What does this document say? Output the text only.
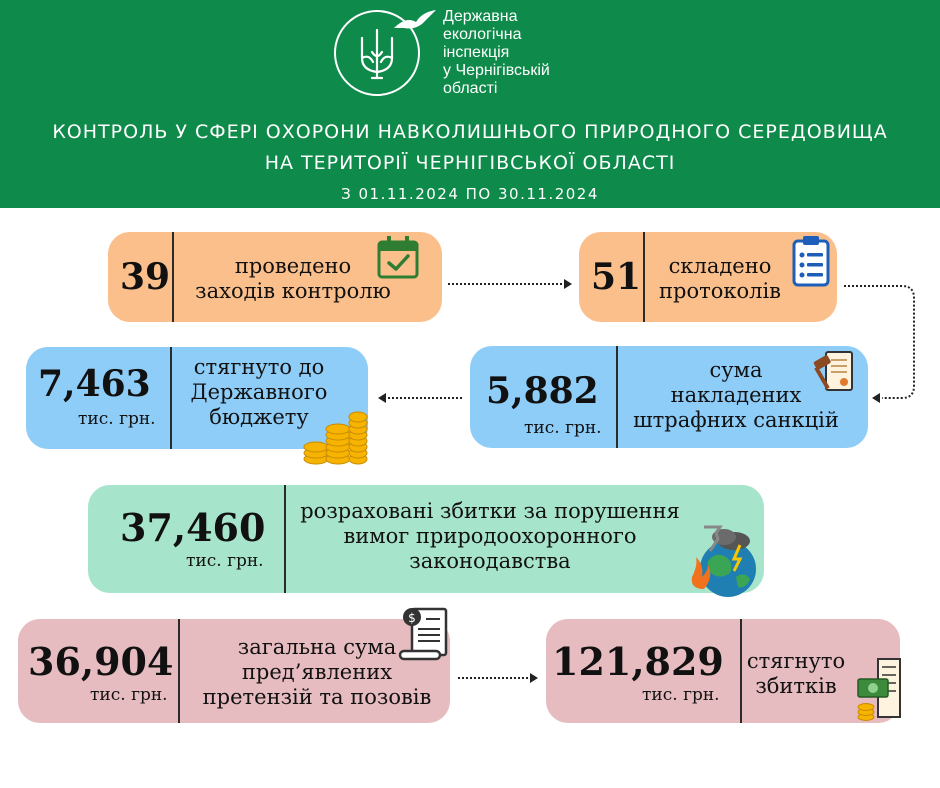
Державна
екологічна
інспекція
у Чернігівській
області
КОНТРОЛЬ У СФЕРІ ОХОРОНИ НАВКОЛИШНЬОГО ПРИРОДНОГО СЕРЕДОВИЩА
НА ТЕРИТОРІЇ ЧЕРНІГІВСЬКОЇ ОБЛАСТІ
З 01.11.2024 ПО 30.11.2024
39	проведено
заходів контролю	51	складено
протоколів
5,882
тис. грн.
сума
накладених
штрафних санкцій
7,463
тис. грн.
стягнуто до
Державного
бюджету
37,460
тис. грн.
розраховані збитки за порушення
вимог природоохоронного
законодавства
36,904
тис. грн.
загальна сума
пред’явлених
претензій та позовів
$
121,829
тис. грн.
стягнуто
збитків
